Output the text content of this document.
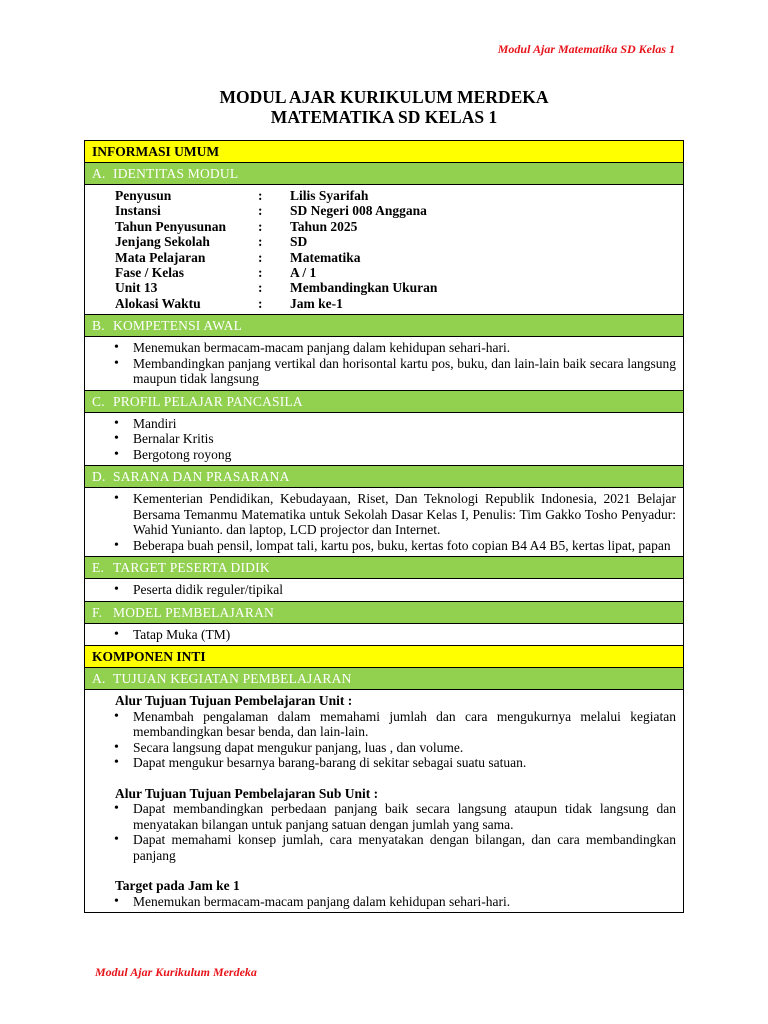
Modul Ajar Matematika SD Kelas 1
MODUL AJAR KURIKULUM MERDEKA
MATEMATIKA SD KELAS 1
INFORMASI UMUM
A. IDENTITAS MODUL
Penyusun	:	Lilis Syarifah
Instansi	:	SD Negeri 008 Anggana
Tahun Penyusunan	:	Tahun 2025
Jenjang Sekolah	:	SD
Mata Pelajaran	:	Matematika
Fase / Kelas	:	A / 1
Unit 13	:	Membandingkan Ukuran
Alokasi Waktu	:	Jam ke-1
B. KOMPETENSI AWAL
• Menemukan bermacam-macam panjang dalam kehidupan sehari-hari.
• Membandingkan panjang vertikal dan horisontal kartu pos, buku, dan lain-lain baik secara langsung maupun tidak langsung
C. PROFIL PELAJAR PANCASILA
• Mandiri
• Bernalar Kritis
• Bergotong royong
D. SARANA DAN PRASARANA
• Kementerian Pendidikan, Kebudayaan, Riset, Dan Teknologi Republik Indonesia, 2021 Belajar Bersama Temanmu Matematika untuk Sekolah Dasar Kelas I, Penulis: Tim Gakko Tosho Penyadur: Wahid Yunianto. dan laptop, LCD projector dan Internet.
• Beberapa buah pensil, lompat tali, kartu pos, buku, kertas foto copian B4 A4 B5, kertas lipat, papan
E. TARGET PESERTA DIDIK
• Peserta didik reguler/tipikal
F. MODEL PEMBELAJARAN
• Tatap Muka (TM)
KOMPONEN INTI
A. TUJUAN KEGIATAN PEMBELAJARAN
Alur Tujuan Tujuan Pembelajaran Unit :
• Menambah pengalaman dalam memahami jumlah dan cara mengukurnya melalui kegiatan membandingkan besar benda, dan lain-lain.
• Secara langsung dapat mengukur panjang, luas , dan volume.
• Dapat mengukur besarnya barang-barang di sekitar sebagai suatu satuan.
Alur Tujuan Tujuan Pembelajaran Sub Unit :
• Dapat membandingkan perbedaan panjang baik secara langsung ataupun tidak langsung dan menyatakan bilangan untuk panjang satuan dengan jumlah yang sama.
• Dapat memahami konsep jumlah, cara menyatakan dengan bilangan, dan cara membandingkan panjang
Target pada Jam ke 1
• Menemukan bermacam-macam panjang dalam kehidupan sehari-hari.
Modul Ajar Kurikulum Merdeka
